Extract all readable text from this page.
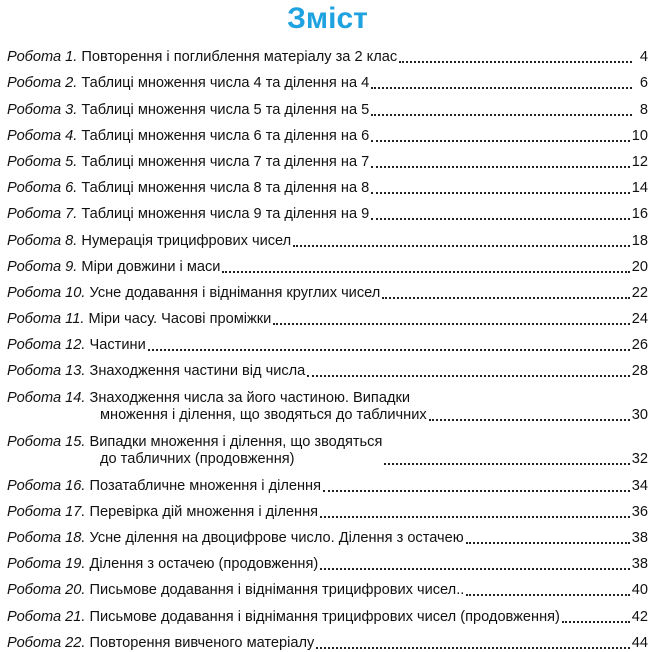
Зміст
Робота 1. Повторення і поглиблення матеріалу за 2 клас	4
Робота 2. Таблиці множення числа 4 та ділення на 4	6
Робота 3. Таблиці множення числа 5 та ділення на 5	8
Робота 4. Таблиці множення числа 6 та ділення на 6	10
Робота 5. Таблиці множення числа 7 та ділення на 7	12
Робота 6. Таблиці множення числа 8 та ділення на 8	14
Робота 7. Таблиці множення числа 9 та ділення на 9	16
Робота 8. Нумерація трицифрових чисел	18
Робота 9. Міри довжини і маси	20
Робота 10. Усне додавання і віднімання круглих чисел	22
Робота 11. Міри часу. Часові проміжки	24
Робота 12. Частини	26
Робота 13. Знаходження частини від числа	28
Робота 14. Знаходження числа за його частиною. Випадки
множення і ділення, що зводяться до табличних	30
Робота 15. Випадки множення і ділення, що зводяться
до табличних (продовження)	32
Робота 16. Позатабличне множення і ділення	34
Робота 17. Перевірка дій множення і ділення	36
Робота 18. Усне ділення на двоцифрове число. Ділення з остачею	38
Робота 19. Ділення з остачею (продовження)	38
Робота 20. Письмове додавання і віднімання трицифрових чисел..	40
Робота 21. Письмове додавання і віднімання трицифрових чисел (продовження)	42
Робота 22. Повторення вивченого матеріалу	44
